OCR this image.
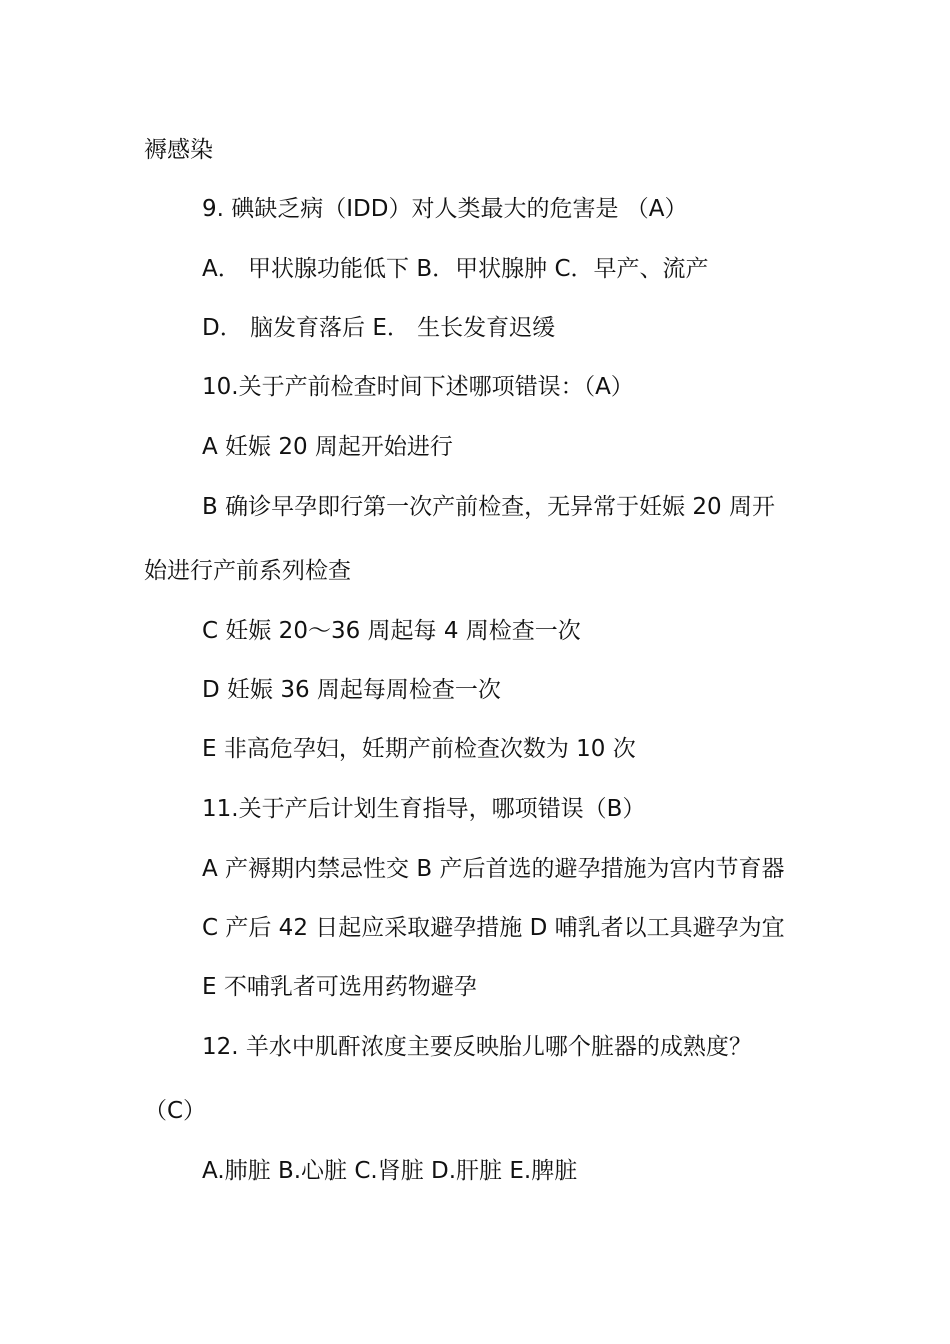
褥感染
9. 碘缺乏病（IDD）对人类最大的危害是 （A）
A． 甲状腺功能低下 B．甲状腺肿 C．早产、流产
D． 脑发育落后 E． 生长发育迟缓
10.关于产前检查时间下述哪项错误：（A）
A 妊娠 20 周起开始进行
B 确诊早孕即行第一次产前检查，无异常于妊娠 20 周开
始进行产前系列检查
C 妊娠 20～36 周起每 4 周检查一次
D 妊娠 36 周起每周检查一次
E 非高危孕妇，妊期产前检查次数为 10 次
11.关于产后计划生育指导，哪项错误（B）
A 产褥期内禁忌性交 B 产后首选的避孕措施为宫内节育器
C 产后 42 日起应采取避孕措施 D 哺乳者以工具避孕为宜
E 不哺乳者可选用药物避孕
12. 羊水中肌酐浓度主要反映胎儿哪个脏器的成熟度？
（C）
A.肺脏 B.心脏 C.肾脏 D.肝脏 E.脾脏
